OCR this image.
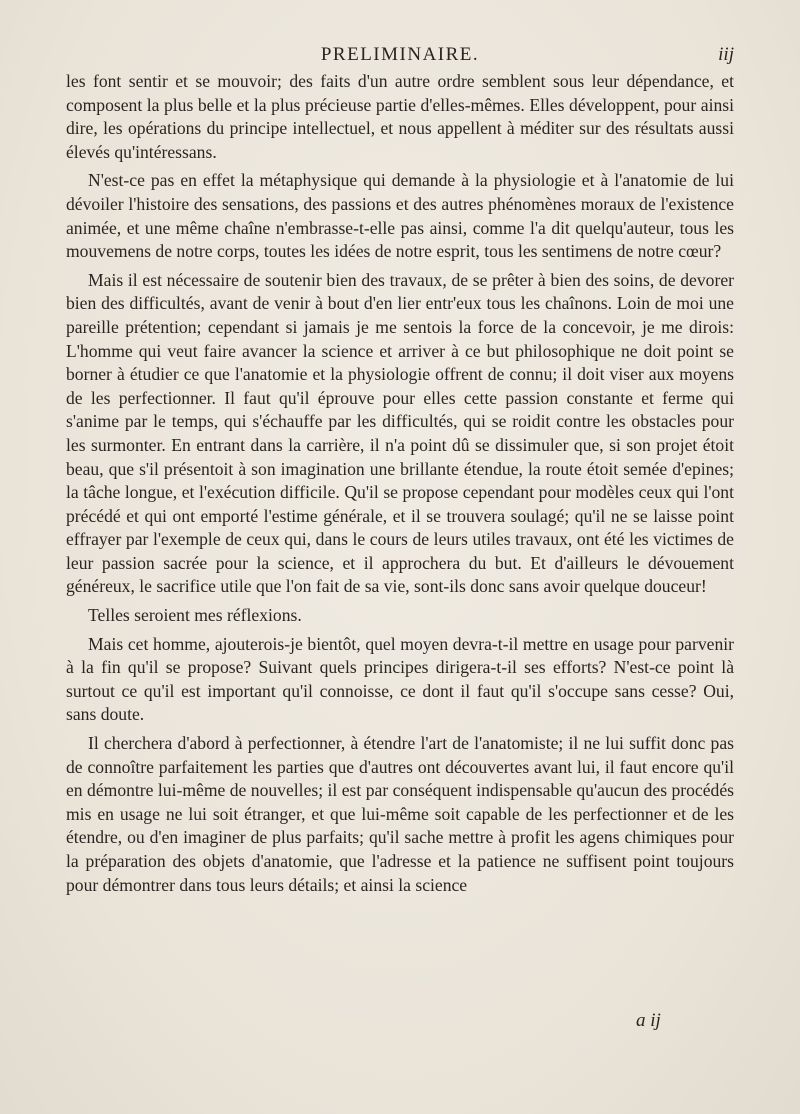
PRELIMINAIRE.	iij

les font sentir et se mouvoir; des faits d'un autre ordre semblent sous leur dépendance, et composent la plus belle et la plus précieuse partie d'elles-mêmes. Elles développent, pour ainsi dire, les opérations du principe intellectuel, et nous appellent à méditer sur des résultats aussi élevés qu'intéressans.

N'est-ce pas en effet la métaphysique qui demande à la physiologie et à l'anatomie de lui dévoiler l'histoire des sensations, des passions et des autres phénomènes moraux de l'existence animée, et une même chaîne n'embrasse-t-elle pas ainsi, comme l'a dit quelqu'auteur, tous les mouvemens de notre corps, toutes les idées de notre esprit, tous les sentimens de notre cœur?

Mais il est nécessaire de soutenir bien des travaux, de se prêter à bien des soins, de devorer bien des difficultés, avant de venir à bout d'en lier entr'eux tous les chaînons. Loin de moi une pareille prétention; cependant si jamais je me sentois la force de la concevoir, je me dirois: L'homme qui veut faire avancer la science et arriver à ce but philosophique ne doit point se borner à étudier ce que l'anatomie et la physiologie offrent de connu; il doit viser aux moyens de les perfectionner. Il faut qu'il éprouve pour elles cette passion constante et ferme qui s'anime par le temps, qui s'échauffe par les difficultés, qui se roidit contre les obstacles pour les surmonter. En entrant dans la carrière, il n'a point dû se dissimuler que, si son projet étoit beau, que s'il présentoit à son imagination une brillante étendue, la route étoit semée d'epines; la tâche longue, et l'exécution difficile. Qu'il se propose cependant pour modèles ceux qui l'ont précédé et qui ont emporté l'estime générale, et il se trouvera soulagé; qu'il ne se laisse point effrayer par l'exemple de ceux qui, dans le cours de leurs utiles travaux, ont été les victimes de leur passion sacrée pour la science, et il approchera du but. Et d'ailleurs le dévouement généreux, le sacrifice utile que l'on fait de sa vie, sont-ils donc sans avoir quelque douceur!

Telles seroient mes réflexions.

Mais cet homme, ajouterois-je bientôt, quel moyen devra-t-il mettre en usage pour parvenir à la fin qu'il se propose? Suivant quels principes dirigera-t-il ses efforts? N'est-ce point là surtout ce qu'il est important qu'il connoisse, ce dont il faut qu'il s'occupe sans cesse? Oui, sans doute.

Il cherchera d'abord à perfectionner, à étendre l'art de l'anatomiste; il ne lui suffit donc pas de connoître parfaitement les parties que d'autres ont découvertes avant lui, il faut encore qu'il en démontre lui-même de nouvelles; il est par conséquent indispensable qu'aucun des procédés mis en usage ne lui soit étranger, et que lui-même soit capable de les perfectionner et de les étendre, ou d'en imaginer de plus parfaits; qu'il sache mettre à profit les agens chimiques pour la préparation des objets d'anatomie, que l'adresse et la patience ne suffisent point toujours pour démontrer dans tous leurs détails; et ainsi la science

a ij
